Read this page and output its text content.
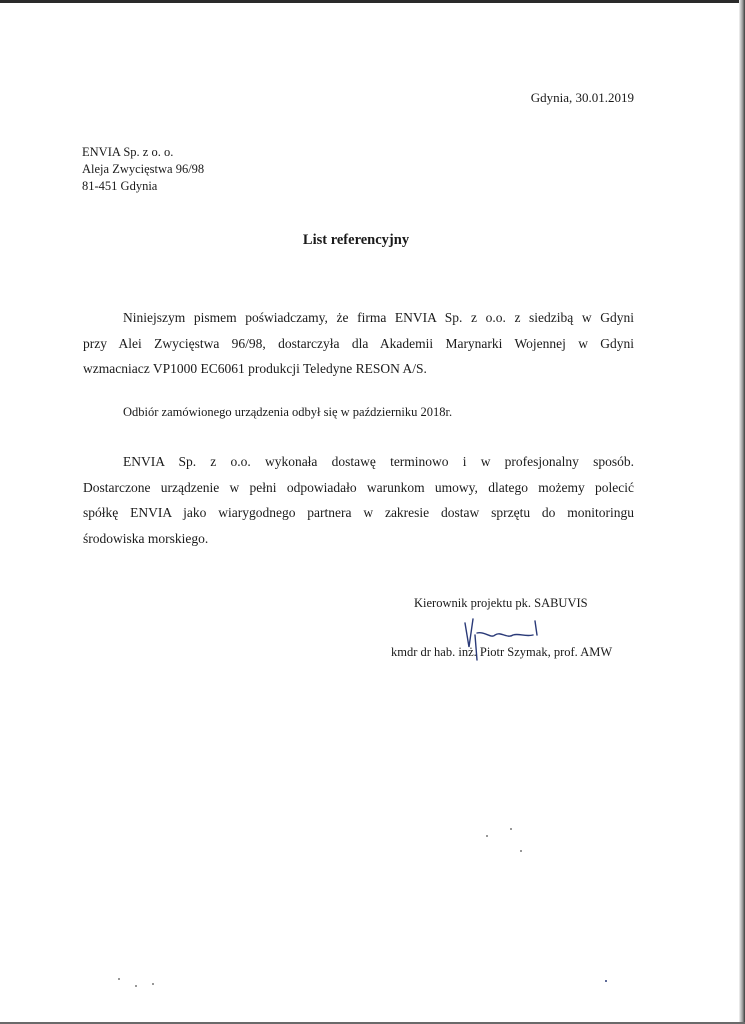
Gdynia, 30.01.2019
ENVIA Sp. z o. o.
Aleja Zwycięstwa 96/98
81-451 Gdynia
List referencyjny
Niniejszym pismem poświadczamy, że firma ENVIA Sp. z o.o. z siedzibą w Gdyni
przy Alei Zwycięstwa 96/98, dostarczyła dla Akademii Marynarki Wojennej w Gdyni
wzmacniacz VP1000 EC6061 produkcji Teledyne RESON A/S.
Odbiór zamówionego urządzenia odbył się w październiku 2018r.
ENVIA Sp. z o.o. wykonała dostawę terminowo i w profesjonalny sposób.
Dostarczone urządzenie w pełni odpowiadało warunkom umowy, dlatego możemy polecić
spółkę ENVIA jako wiarygodnego partnera w zakresie dostaw sprzętu do monitoringu
środowiska morskiego.
Kierownik projektu pk. SABUVIS
kmdr dr hab. inż. Piotr Szymak, prof. AMW
